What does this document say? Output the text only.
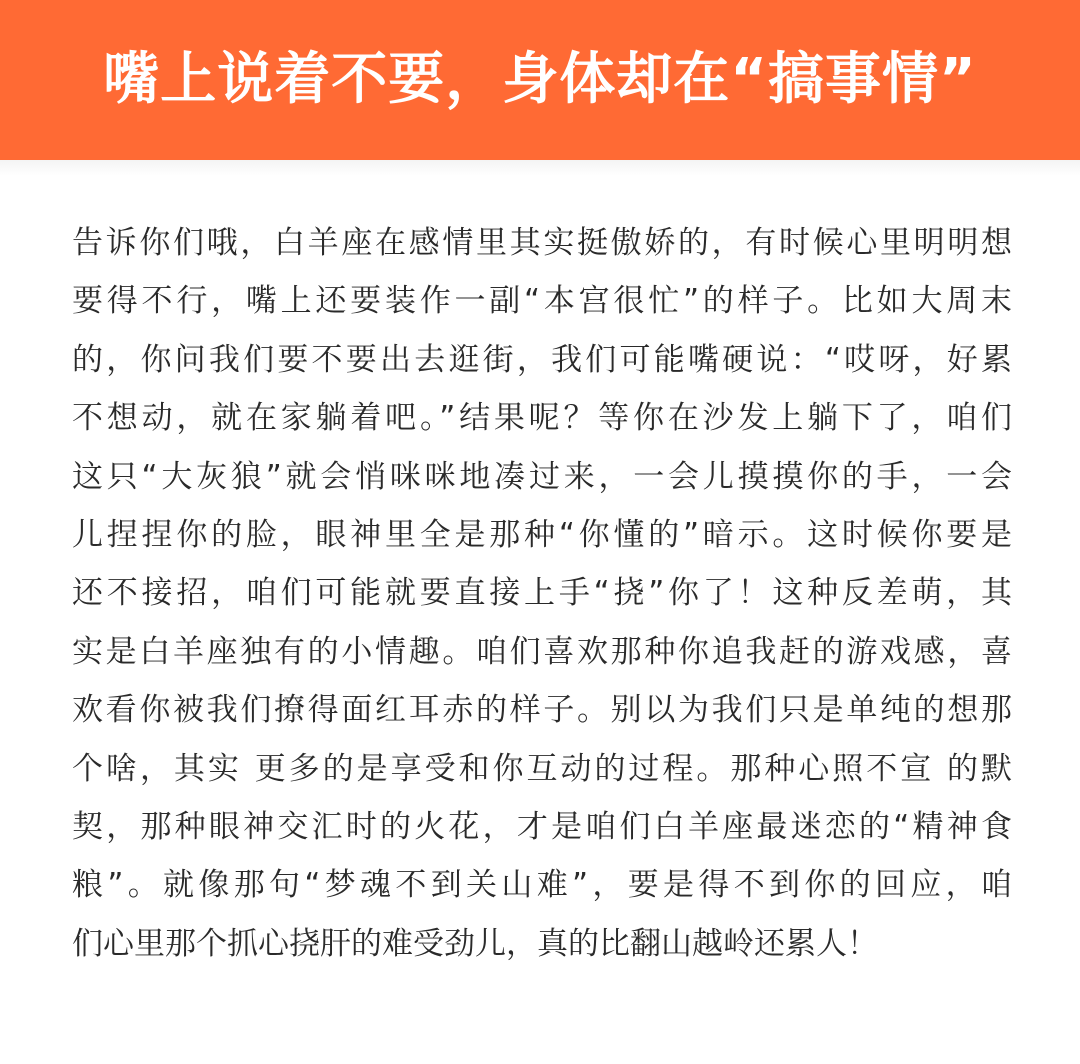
嘴上说着不要，身体却在“搞事情”
告诉你们哦，白羊座在感情里其实挺傲娇的，有时候心里明明想
要得不行，嘴上还要装作一副“本宫很忙”的样子。比如大周末
的，你问我们要不要出去逛街，我们可能嘴硬说：“哎呀，好累
不想动，就在家躺着吧。”结果呢？等你在沙发上躺下了，咱们
这只“大灰狼”就会悄咪咪地凑过来，一会儿摸摸你的手，一会
儿捏捏你的脸，眼神里全是那种“你懂的”暗示。这时候你要是
还不接招，咱们可能就要直接上手“挠”你了！这种反差萌，其
实是白羊座独有的小情趣。咱们喜欢那种你追我赶的游戏感，喜
欢看你被我们撩得面红耳赤的样子。别以为我们只是单纯的想那
个啥，其实 更多的是享受和你互动的过程。那种心照不宣 的默
契，那种眼神交汇时的火花，才是咱们白羊座最迷恋的“精神食
粮”。就像那句“梦魂不到关山难”，要是得不到你的回应，咱
们心里那个抓心挠肝的难受劲儿，真的比翻山越岭还累人！
